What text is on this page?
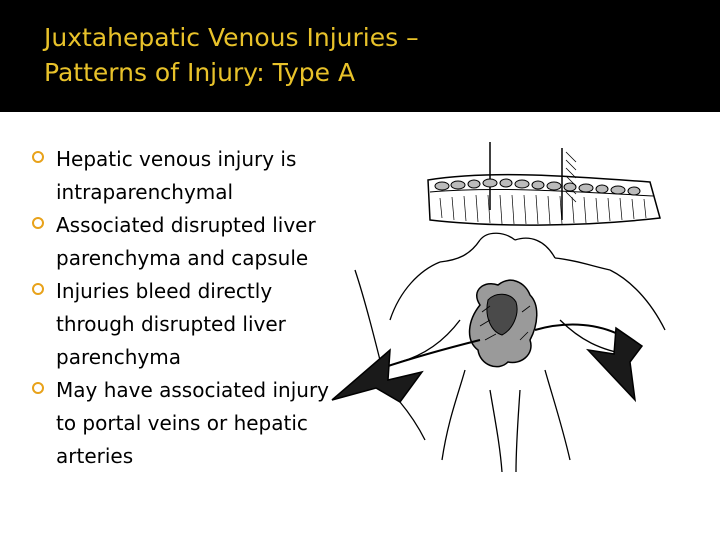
Juxtahepatic Venous Injuries –
Patterns of Injury: Type A
Hepatic venous injury is intraparenchymal
Associated disrupted liver parenchyma and capsule
Injuries bleed directly through disrupted liver parenchyma
May have associated injury to portal veins or hepatic arteries
